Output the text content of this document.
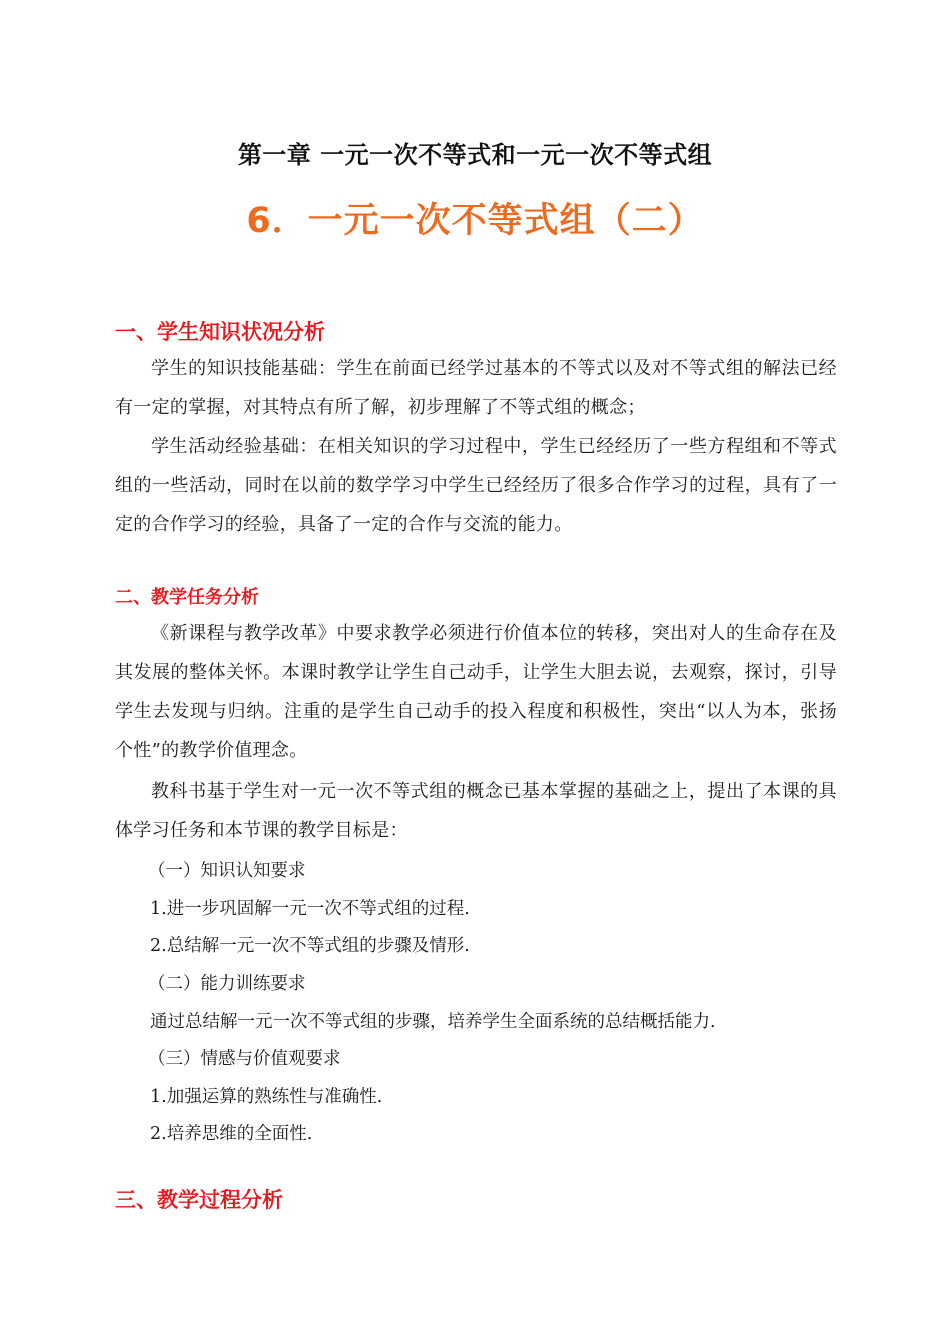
第一章 一元一次不等式和一元一次不等式组
6．一元一次不等式组（二）
一、学生知识状况分析
学生的知识技能基础：学生在前面已经学过基本的不等式以及对不等式组的解法已经有一定的掌握，对其特点有所了解，初步理解了不等式组的概念；
学生活动经验基础：在相关知识的学习过程中，学生已经经历了一些方程组和不等式组的一些活动，同时在以前的数学学习中学生已经经历了很多合作学习的过程，具有了一定的合作学习的经验，具备了一定的合作与交流的能力。
二、教学任务分析
《新课程与教学改革》中要求教学必须进行价值本位的转移，突出对人的生命存在及其发展的整体关怀。本课时教学让学生自己动手，让学生大胆去说，去观察，探讨，引导学生去发现与归纳。注重的是学生自己动手的投入程度和积极性，突出“以人为本，张扬个性”的教学价值理念。
教科书基于学生对一元一次不等式组的概念已基本掌握的基础之上，提出了本课的具体学习任务和本节课的教学目标是：
（一）知识认知要求
1.进一步巩固解一元一次不等式组的过程.
2.总结解一元一次不等式组的步骤及情形.
（二）能力训练要求
通过总结解一元一次不等式组的步骤，培养学生全面系统的总结概括能力.
（三）情感与价值观要求
1.加强运算的熟练性与准确性.
2.培养思维的全面性.
三、教学过程分析
